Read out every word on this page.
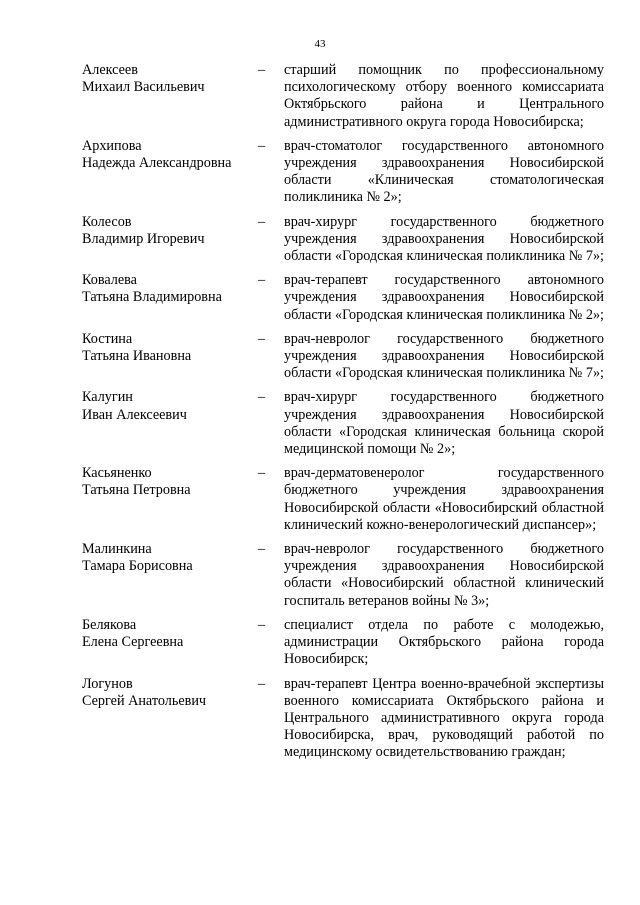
43
Алексеев
Михаил Васильевич
–	старший помощник по профессиональному психологическому отбору военного комиссариата Октябрьского района и Центрального административного округа города Новосибирска;
Архипова
Надежда Александровна
–	врач-стоматолог государственного автономного учреждения здравоохранения Новосибирской области «Клиническая стоматологическая поликлиника № 2»;
Колесов
Владимир Игоревич
–	врач-хирург государственного бюджетного учреждения здравоохранения Новосибирской области «Городская клиническая поликлиника № 7»;
Ковалева
Татьяна Владимировна
–	врач-терапевт государственного автономного учреждения здравоохранения Новосибирской области «Городская клиническая поликлиника № 2»;
Костина
Татьяна Ивановна
–	врач-невролог государственного бюджетного учреждения здравоохранения Новосибирской области «Городская клиническая поликлиника № 7»;
Калугин
Иван Алексеевич
–	врач-хирург государственного бюджетного учреждения здравоохранения Новосибирской области «Городская клиническая больница скорой медицинской помощи № 2»;
Касьяненко
Татьяна Петровна
–	врач-дерматовенеролог государственного бюджетного учреждения здравоохранения Новосибирской области «Новосибирский областной клинический кожно-венерологический диспансер»;
Малинкина
Тамара Борисовна
–	врач-невролог государственного бюджетного учреждения здравоохранения Новосибирской области «Новосибирский областной клинический госпиталь ветеранов войны № 3»;
Белякова
Елена Сергеевна
–	специалист отдела по работе с молодежью, администрации Октябрьского района города Новосибирск;
Логунов
Сергей Анатольевич
–	врач-терапевт Центра военно-врачебной экспертизы военного комиссариата Октябрьского района и Центрального административного округа города Новосибирска, врач, руководящий работой по медицинскому освидетельствованию граждан;
